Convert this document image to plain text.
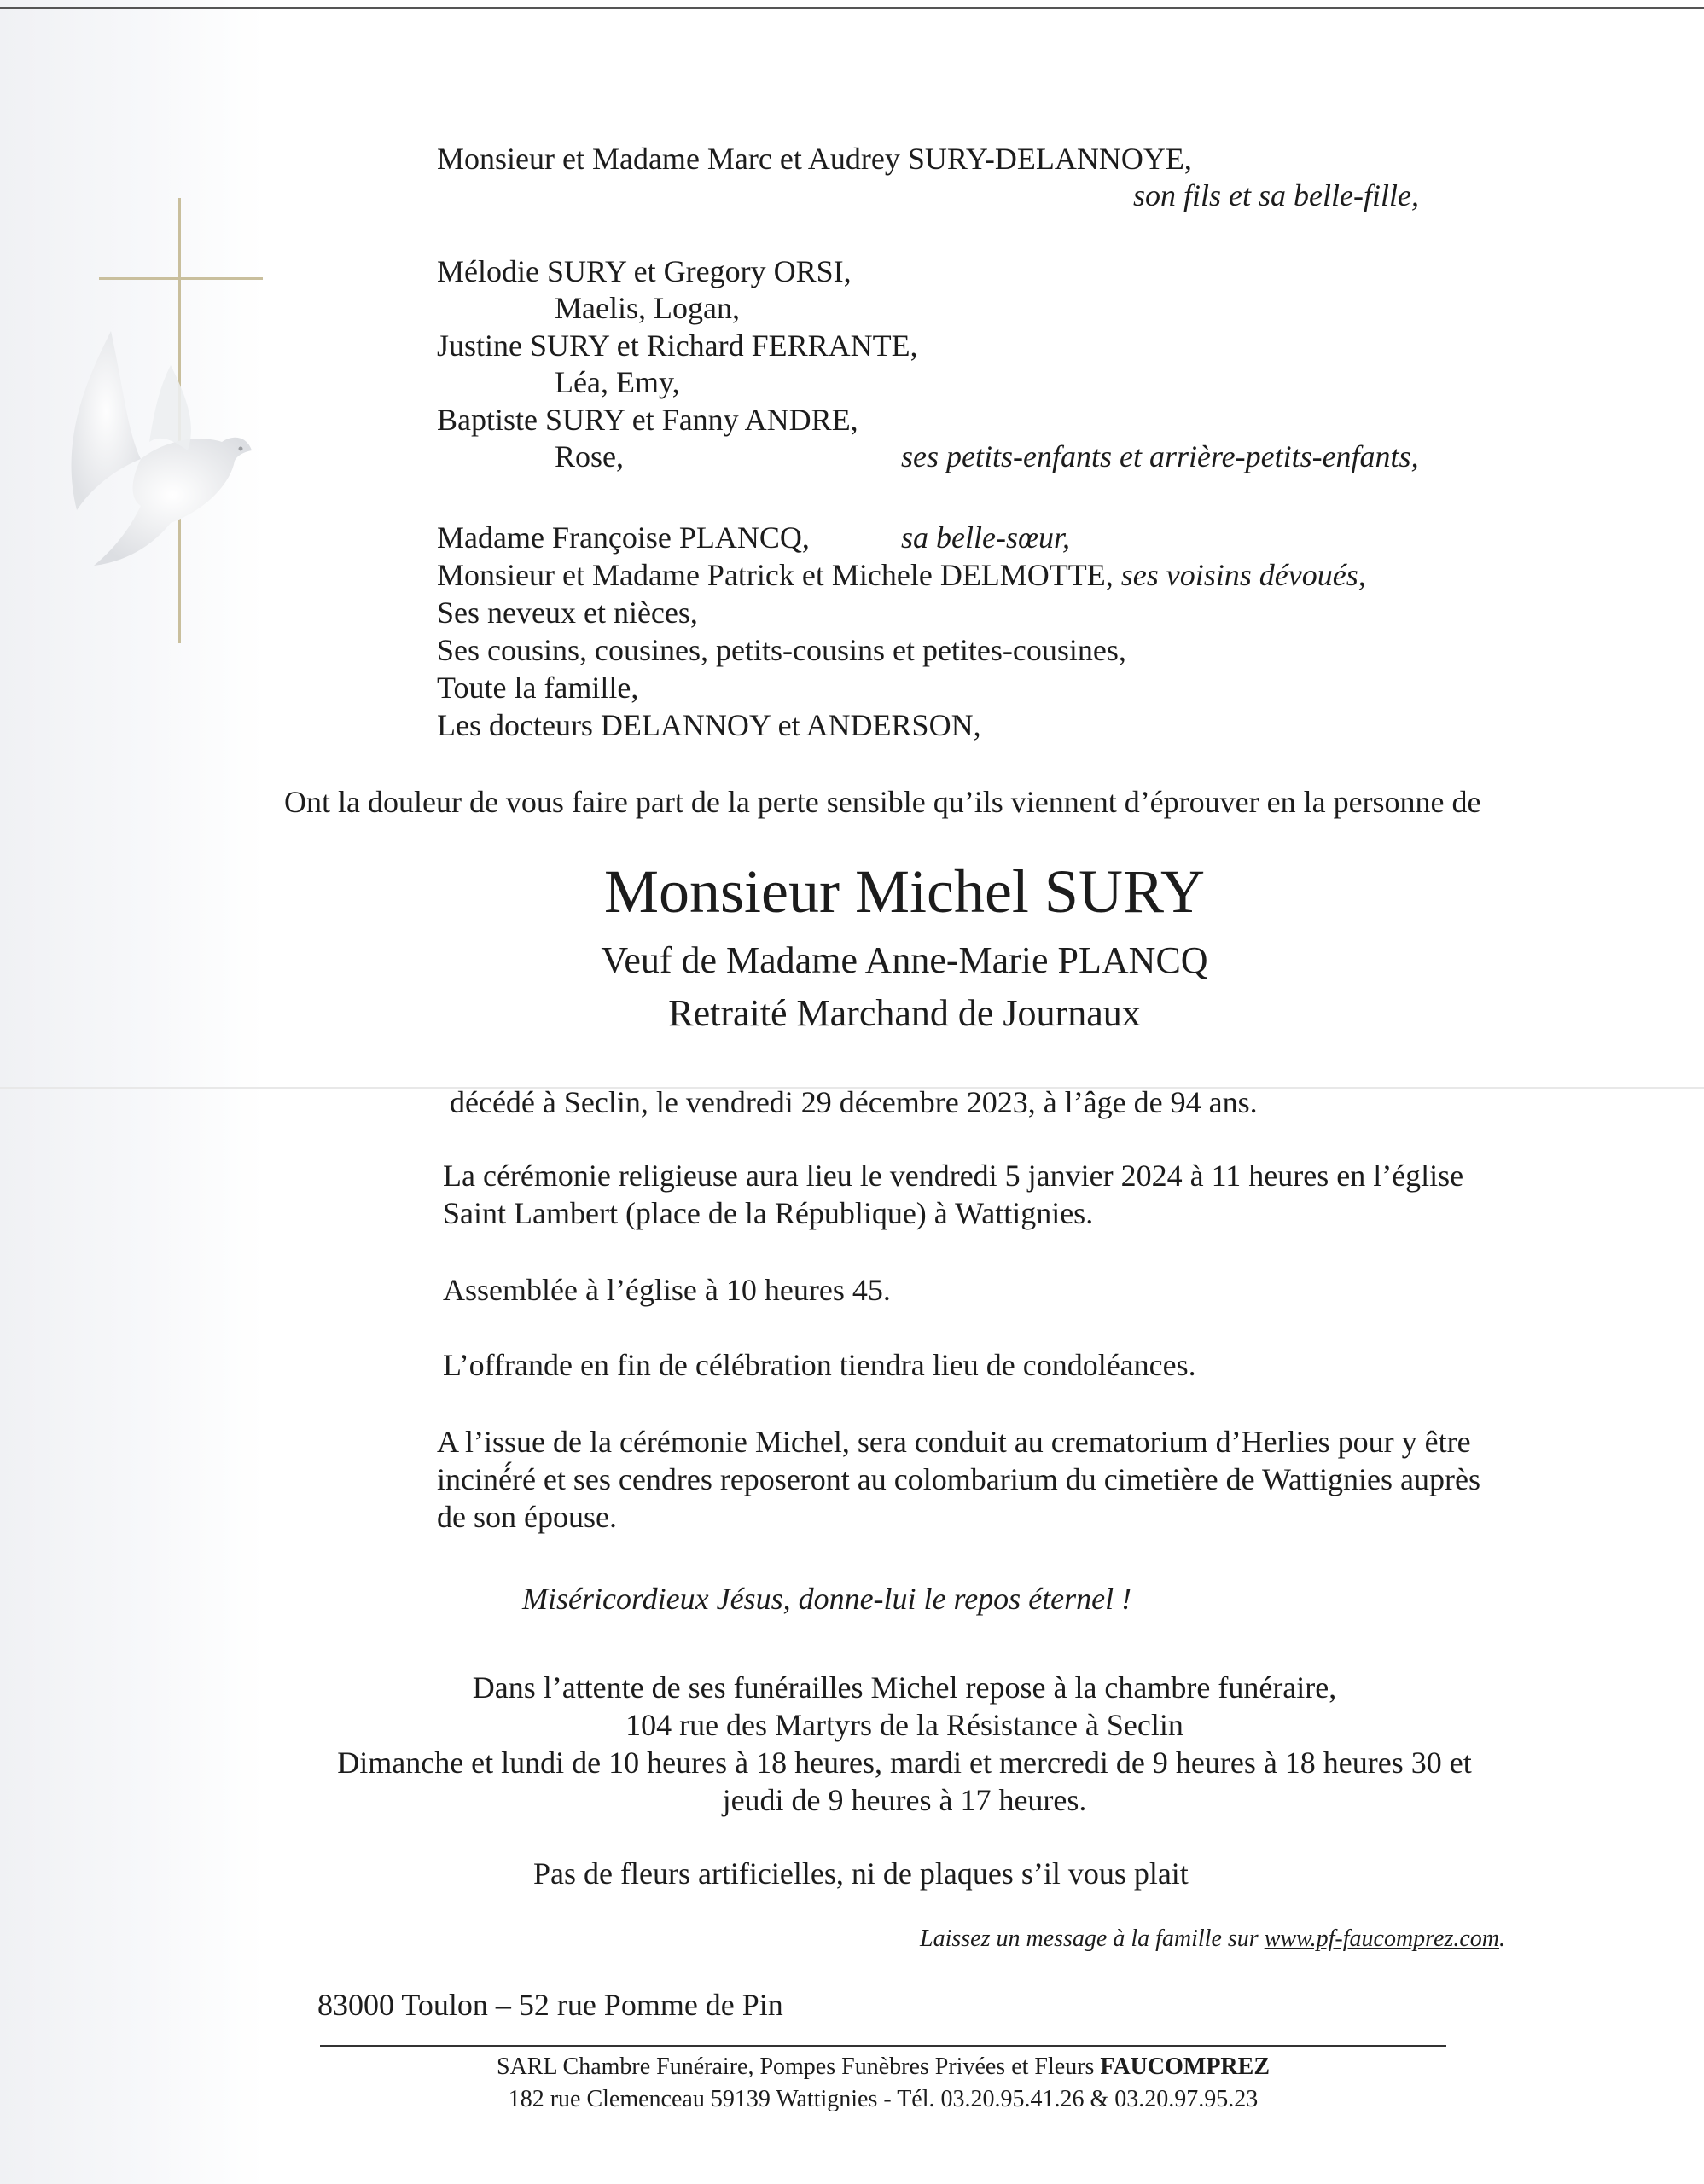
Monsieur et Madame Marc et Audrey SURY-DELANNOYE,
son fils et sa belle-fille,
Mélodie SURY et Gregory ORSI,
Maelis, Logan,
Justine SURY et Richard FERRANTE,
Léa, Emy,
Baptiste SURY et Fanny ANDRE,
Rose,	ses petits-enfants et arrière-petits-enfants,
Madame Françoise PLANCQ,	sa belle-sœur,
Monsieur et Madame Patrick et Michele DELMOTTE, ses voisins dévoués,
Ses neveux et nièces,
Ses cousins, cousines, petits-cousins et petites-cousines,
Toute la famille,
Les docteurs DELANNOY et ANDERSON,
Ont la douleur de vous faire part de la perte sensible qu’ils viennent d’éprouver en la personne de
Monsieur Michel SURY
Veuf de Madame Anne-Marie PLANCQ
Retraité Marchand de Journaux
décédé à Seclin, le vendredi 29 décembre 2023, à l’âge de 94 ans.
La cérémonie religieuse aura lieu le vendredi 5 janvier 2024 à 11 heures en l’église
Saint Lambert (place de la République) à Wattignies.
Assemblée à l’église à 10 heures 45.
L’offrande en fin de célébration tiendra lieu de condoléances.
A l’issue de la cérémonie Michel, sera conduit au crematorium d’Herlies pour y être
inciné́ré et ses cendres reposeront au colombarium du cimetière de Wattignies auprès
de son épouse.
Miséricordieux Jésus, donne-lui le repos éternel !
Dans l’attente de ses funérailles Michel repose à la chambre funéraire,
104 rue des Martyrs de la Résistance à Seclin
Dimanche et lundi de 10 heures à 18 heures, mardi et mercredi de 9 heures à 18 heures 30 et
jeudi de 9 heures à 17 heures.
Pas de fleurs artificielles, ni de plaques s’il vous plait
Laissez un message à la famille sur www.pf-faucomprez.com.
83000 Toulon – 52 rue Pomme de Pin
SARL Chambre Funéraire, Pompes Funèbres Privées et Fleurs FAUCOMPREZ
182 rue Clemenceau 59139 Wattignies - Tél. 03.20.95.41.26 & 03.20.97.95.23
